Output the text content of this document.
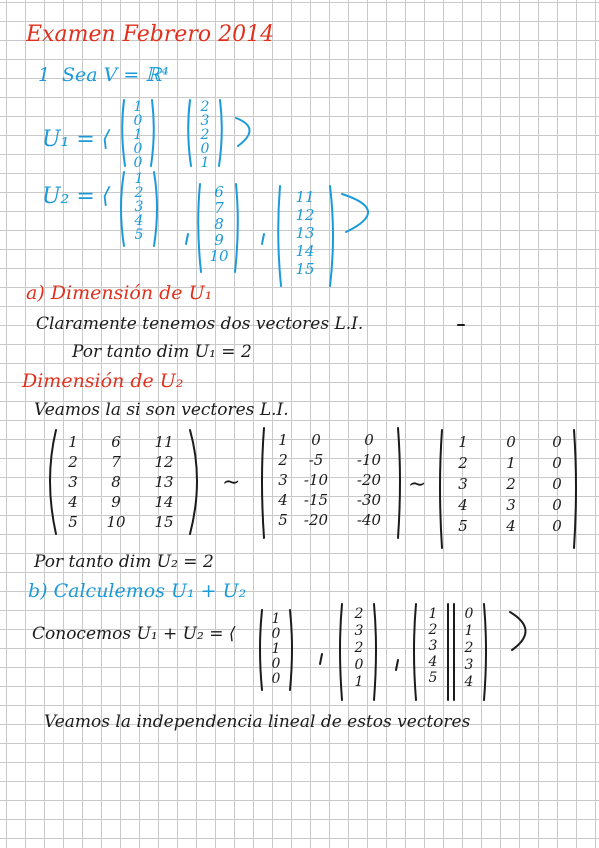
Examen Febrero 2014
1 Sea V = ℝ⁴
U₁ = ⟨
1
0
1
0
0
2
3
2
0
1
U₂ = ⟨
1
2
3
4
5
6
7
8
9
10
11
12
13
14
15
a) Dimensión de U₁
Claramente tenemos dos vectores L.I.
Por tanto dim U₁ = 2
Dimensión de U₂
Veamos la si son vectores L.I.
1
2
3
4
5
6
7
8
9
10
11
12
13
14
15
∼
1
2
3
4
5
0
-5
-10
-15
-20
0
-10
-20
-30
-40
∼
1
2
3
4
5
0
1
2
3
4
0
0
0
0
0
Por tanto dim U₂ = 2
b) Calculemos U₁ + U₂
Conocemos U₁ + U₂ = ⟨
1
0
1
0
0
2
3
2
0
1
1
2
3
4
5
0
1
2
3
4
Veamos la independencia lineal de estos vectores
